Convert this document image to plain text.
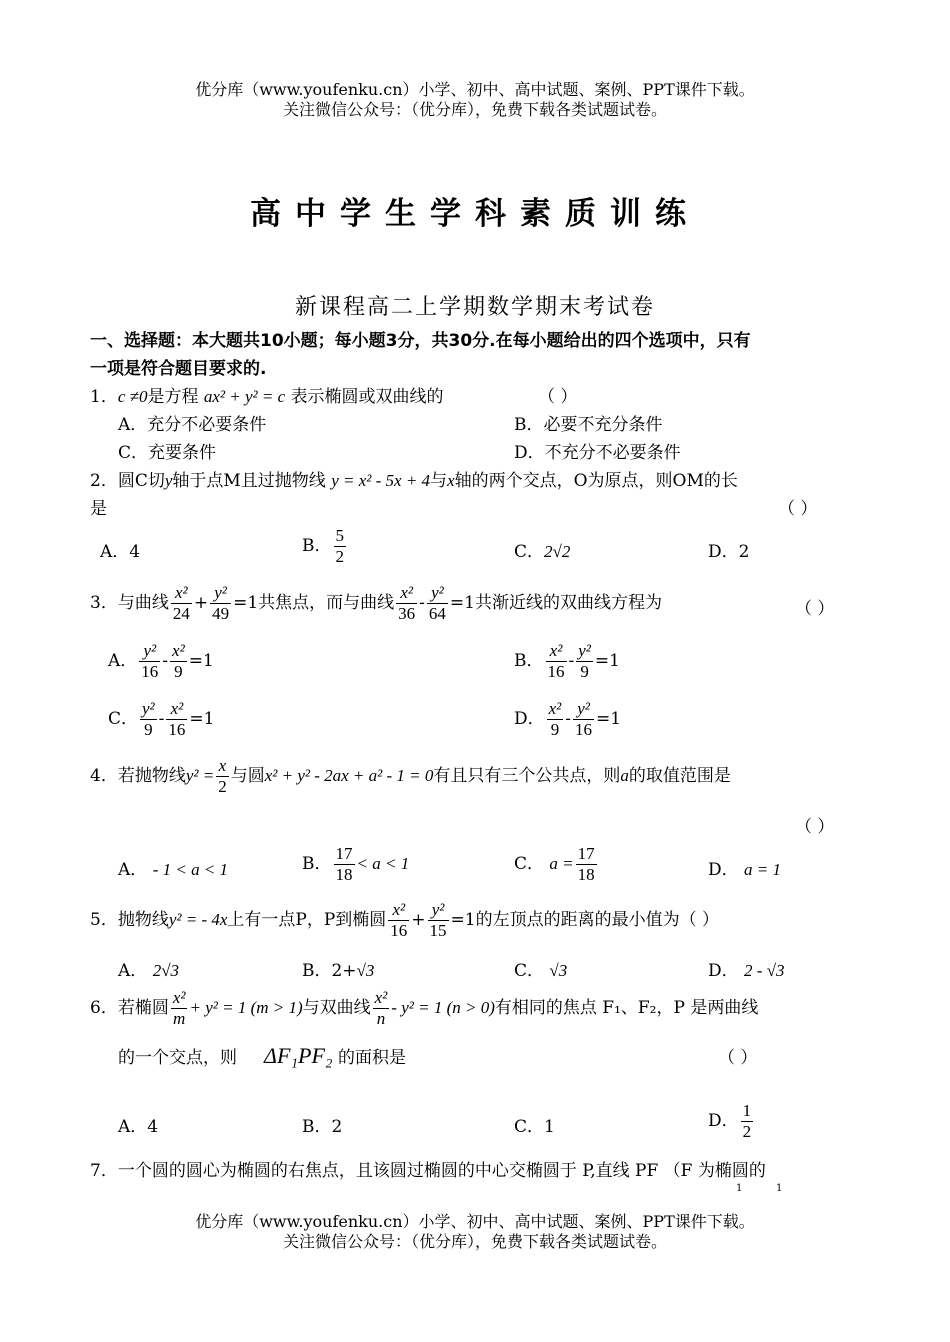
优分库（www.youfenku.cn）小学、初中、高中试题、案例、PPT课件下载。
关注微信公众号：（优分库），免费下载各类试题试卷。
高中学生学科素质训练
新课程高二上学期数学期末考试卷
一、选择题：本大题共10小题；每小题3分，共30分.在每小题给出的四个选项中，只有
一项是符合题目要求的.
1．c ≠0是方程 ax² + y² = c 表示椭圆或双曲线的	（ ）
A．充分不必要条件	B．必要不充分条件
C．充要条件	D．不充分不必要条件
2．圆C切y轴于点M且过抛物线 y = x² - 5x + 4与x轴的两个交点，O为原点，则OM的长
是	（ ）
A．4	B． $\frac{5}{2}$	C．2√2	D．2
3．与曲线 $\frac{\text{x²}}{24} + \frac{\text{y²}}{49} =1$共焦点，而与曲线 $\frac{\text{x²}}{36} - \frac{\text{y²}}{64} =1$共渐近线的双曲线方程为	（ ）
A． $\frac{\text{y²}}{16} - \frac{\text{x²}}{9} =1$	B． $\frac{\text{x²}}{16} - \frac{\text{y²}}{9} =1$
C． $\frac{\text{y²}}{9} - \frac{\text{x²}}{16} =1$	D． $\frac{\text{x²}}{9} - \frac{\text{y²}}{16} =1$
4．若抛物线$y^2 = \frac{x}{2}$ 与圆x² + y² - 2ax + a² - 1 = 0有且只有三个公共点，则a的取值范围是
（ ）
A． - 1 < a < 1	B． $\frac{17}{18} < a < 1$	C． $a = \frac{17}{18}$	D． a = 1
5．抛物线y² = - 4x上有一点P，P到椭圆 $\frac{\text{x²}}{16} + \frac{\text{y²}}{15} =1$的左顶点的距离的最小值为（ ）
A． 2√3	B．2+√3	C． √3	D． 2 - √3
6．若椭圆 $\frac{\text{x²}}{m} + y^2 = 1$ (m > 1)与双曲线 $\frac{\text{x²}}{n} - y^2 = 1$ (n > 0)有相同的焦点 F₁、F₂，P 是两曲线
的一个交点，则 ΔF₁PF₂ 的面积是	（ ）
A．4	B．2	C．1	D． $\frac{1}{2}$
7．一个圆的圆心为椭圆的右焦点，且该圆过椭圆的中心交椭圆于 P,直线 PF （F 为椭圆的
1	1
优分库（www.youfenku.cn）小学、初中、高中试题、案例、PPT课件下载。
关注微信公众号：（优分库），免费下载各类试题试卷。
